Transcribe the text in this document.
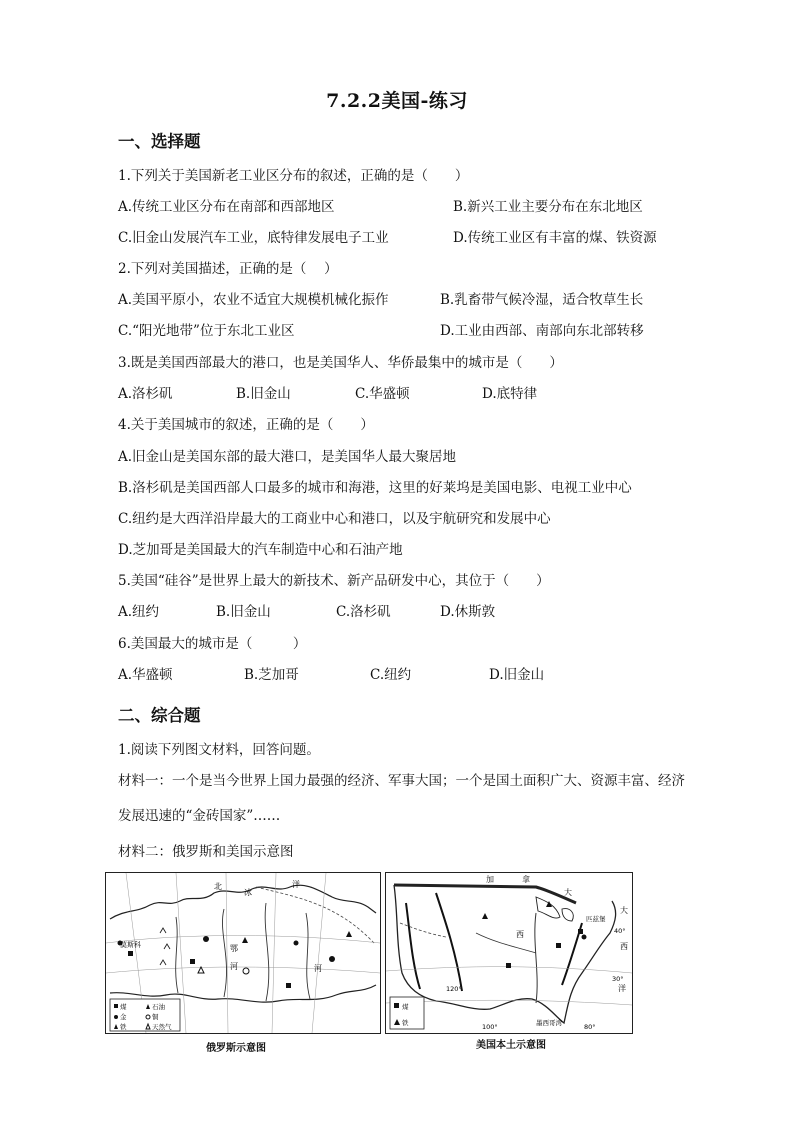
7.2.2美国-练习
一、选择题
1.下列关于美国新老工业区分布的叙述，正确的是（　　）
A.传统工业区分布在南部和西部地区	B.新兴工业主要分布在东北地区
C.旧金山发展汽车工业，底特律发展电子工业	D.传统工业区有丰富的煤、铁资源
2.下列对美国描述，正确的是（　 ）
A.美国平原小，农业不适宜大规模机械化振作	B.乳畜带气候冷湿，适合牧草生长
C.“阳光地带”位于东北工业区	D.工业由西部、南部向东北部转移
3.既是美国西部最大的港口，也是美国华人、华侨最集中的城市是（　　）
A.洛杉矶	B.旧金山	C.华盛顿	D.底特律
4.关于美国城市的叙述，正确的是（　　）
A.旧金山是美国东部的最大港口，是美国华人最大聚居地
B.洛杉矶是美国西部人口最多的城市和海港，这里的好莱坞是美国电影、电视工业中心
C.纽约是大西洋沿岸最大的工商业中心和港口，以及宇航研究和发展中心
D.芝加哥是美国最大的汽车制造中心和石油产地
5.美国“硅谷”是世界上最大的新技术、新产品研发中心，其位于（　　）
A.纽约	B.旧金山	C.洛杉矶	D.休斯敦
6.美国最大的城市是（　　　）
A.华盛顿	B.芝加哥	C.纽约	D.旧金山
二、综合题
1.阅读下列图文材料，回答问题。
材料一：一个是当今世界上国力最强的经济、军事大国；一个是国土面积广大、资源丰富、经济
发展迅速的“金砖国家”……
材料二：俄罗斯和美国示意图
莫斯科
北
冰
洋
鄂
河	河
煤	石油
金	铜
铁	天然气
俄罗斯示意图
加	拿
大
西
大
西
洋
匹兹堡
墨西哥湾
120°
100°	80°
40°
30°
煤
铁
美国本土示意图
